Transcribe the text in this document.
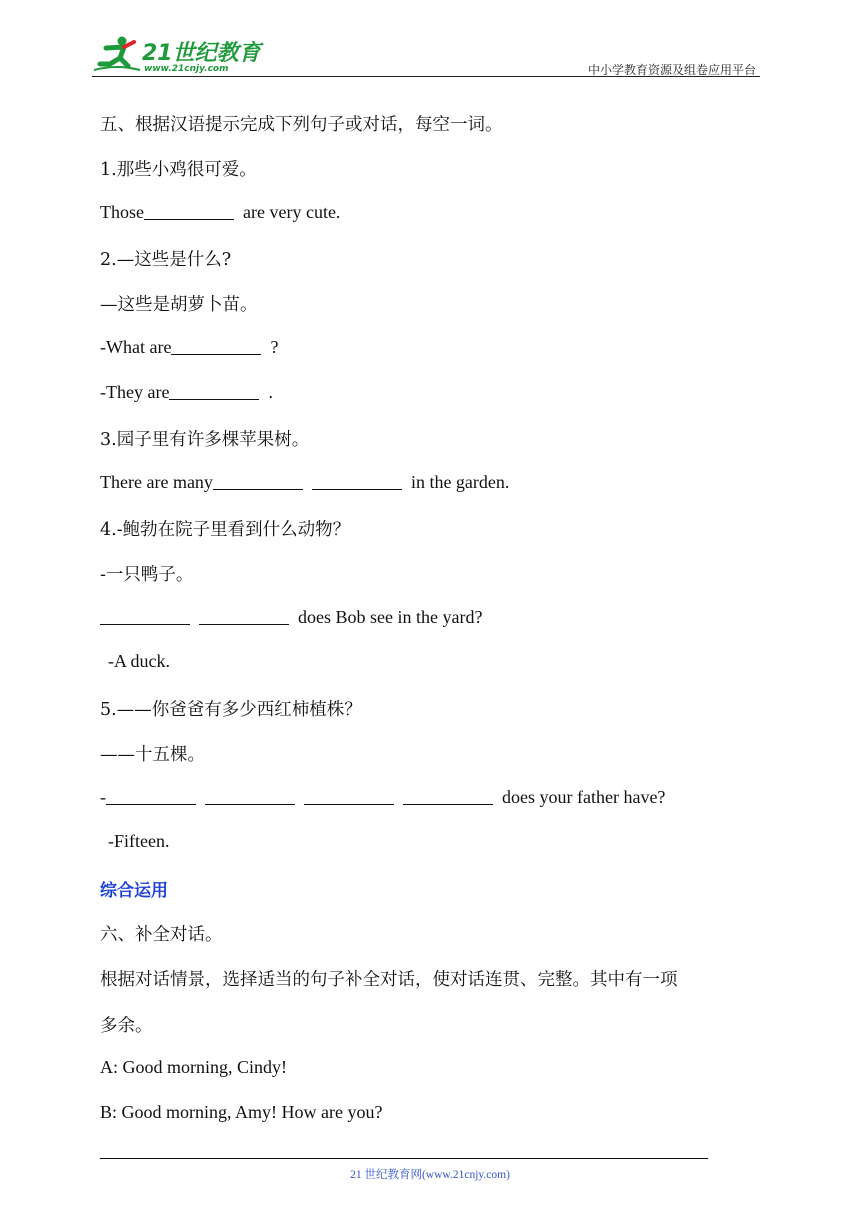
21世纪教育
www.21cnjy.com	中小学教育资源及组卷应用平台
五、根据汉语提示完成下列句子或对话，每空一词。
1.那些小鸡很可爱。
Those	are very cute.
2.—这些是什么?
—这些是胡萝卜苗。
-What are	?
-They are	.
3.园子里有许多棵苹果树。
There are many	in the garden.
4.-鲍勃在院子里看到什么动物？
-一只鸭子。
does Bob see in the yard?
-A duck.
5.——你爸爸有多少西红柿植株？
——十五棵。
-	does your father have?
-Fifteen.
综合运用
六、补全对话。
根据对话情景，选择适当的句子补全对话，使对话连贯、完整。其中有一项
多余。
A: Good morning, Cindy!
B: Good morning, Amy! How are you?
21 世纪教育网(www.21cnjy.com)
